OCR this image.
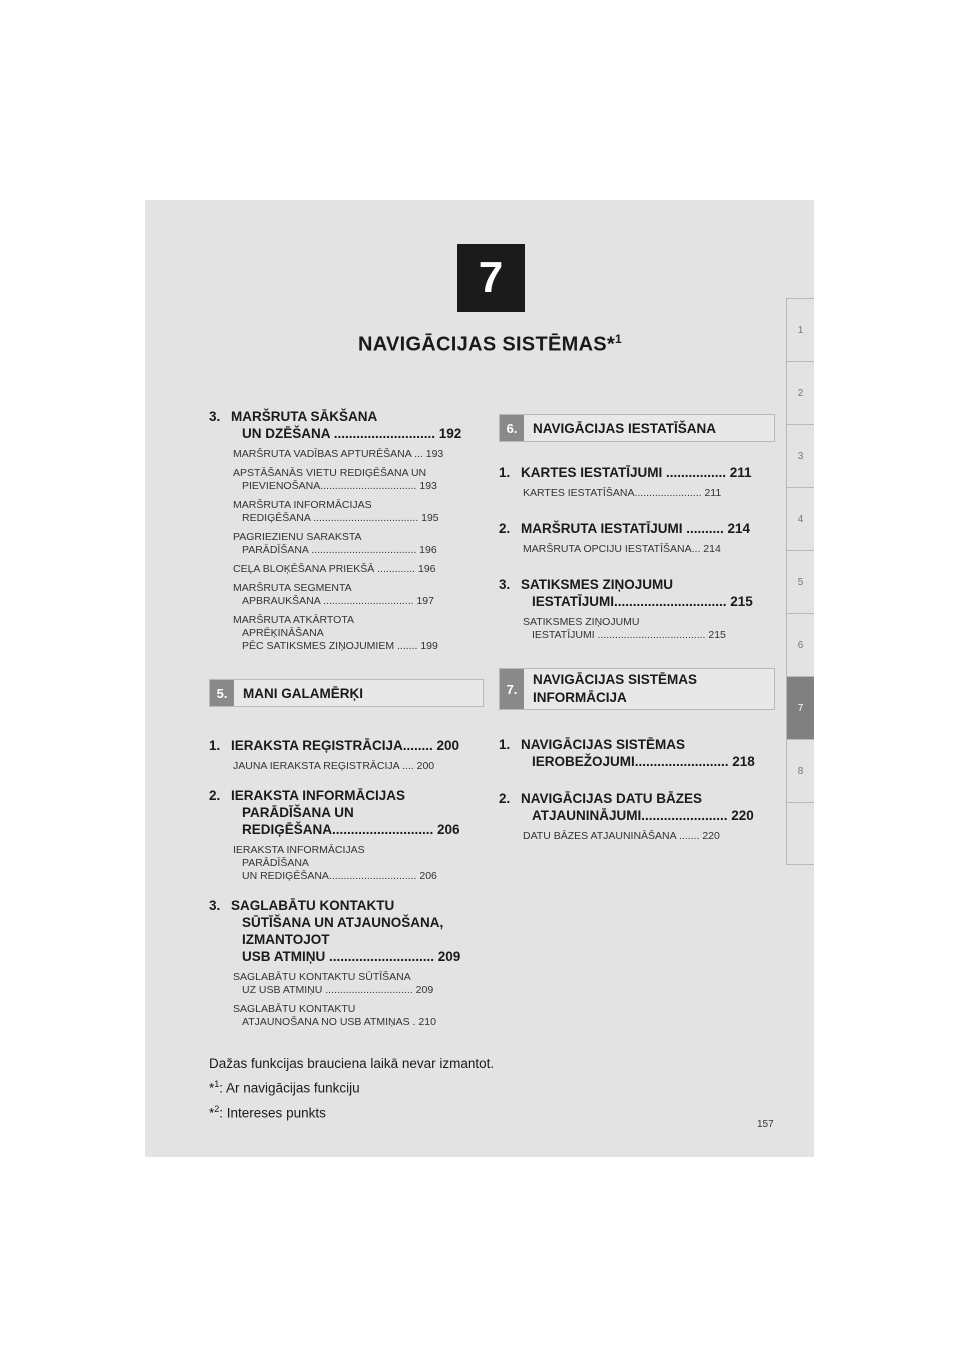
7
NAVIGĀCIJAS SISTĒMAS*$^1$
1
2
3
4
5
6
7
8
3. MARŠRUTA SĀKŠANA
UN DZĒŠANA ........................... 192
MARŠRUTA VADĪBAS APTURĒŠANA ... 193
APSTĀŠANĀS VIETU REDIĢĒŠANA UN
PIEVIENOŠANA................................. 193
MARŠRUTA INFORMĀCIJAS
REDIĢĒŠANA .................................... 195
PAGRIEZIENU SARAKSTA
PARĀDĪŠANA .................................... 196
CEĻA BLOĶĒŠANA PRIEKŠĀ ............. 196
MARŠRUTA SEGMENTA
APBRAUKŠANA ............................... 197
MARŠRUTA ATKĀRTOTA
APRĒĶINĀŠANA
PĒC SATIKSMES ZIŅOJUMIEM ....... 199
5.	MANI GALAMĒRĶI
1. IERAKSTA REĢISTRĀCIJA........ 200
JAUNA IERAKSTA REĢISTRĀCIJA .... 200
2. IERAKSTA INFORMĀCIJAS
PARĀDĪŠANA UN
REDIĢĒŠANA........................... 206
IERAKSTA INFORMĀCIJAS
PARĀDĪŠANA
UN REDIĢĒŠANA.............................. 206
3. SAGLABĀTU KONTAKTU
SŪTĪŠANA UN ATJAUNOŠANA,
IZMANTOJOT
USB ATMIŅU ............................ 209
SAGLABĀTU KONTAKTU SŪTĪŠANA
UZ USB ATMIŅU .............................. 209
SAGLABĀTU KONTAKTU
ATJAUNOŠANA NO USB ATMIŅAS . 210
6.	NAVIGĀCIJAS IESTATĪŠANA
1. KARTES IESTATĪJUMI ................ 211
KARTES IESTATĪŠANA....................... 211
2. MARŠRUTA IESTATĪJUMI .......... 214
MARŠRUTA OPCIJU IESTATĪŠANA... 214
3. SATIKSMES ZIŅOJUMU
IESTATĪJUMI.............................. 215
SATIKSMES ZIŅOJUMU
IESTATĪJUMI ..................................... 215
7.
NAVIGĀCIJAS SISTĒMAS
INFORMĀCIJA
1. NAVIGĀCIJAS SISTĒMAS
IEROBEŽOJUMI......................... 218
2. NAVIGĀCIJAS DATU BĀZES
ATJAUNINĀJUMI....................... 220
DATU BĀZES ATJAUNINĀŠANA ....... 220
Dažas funkcijas brauciena laikā nevar izmantot.
*$^1$: Ar navigācijas funkciju
*$^2$: Intereses punkts
157
